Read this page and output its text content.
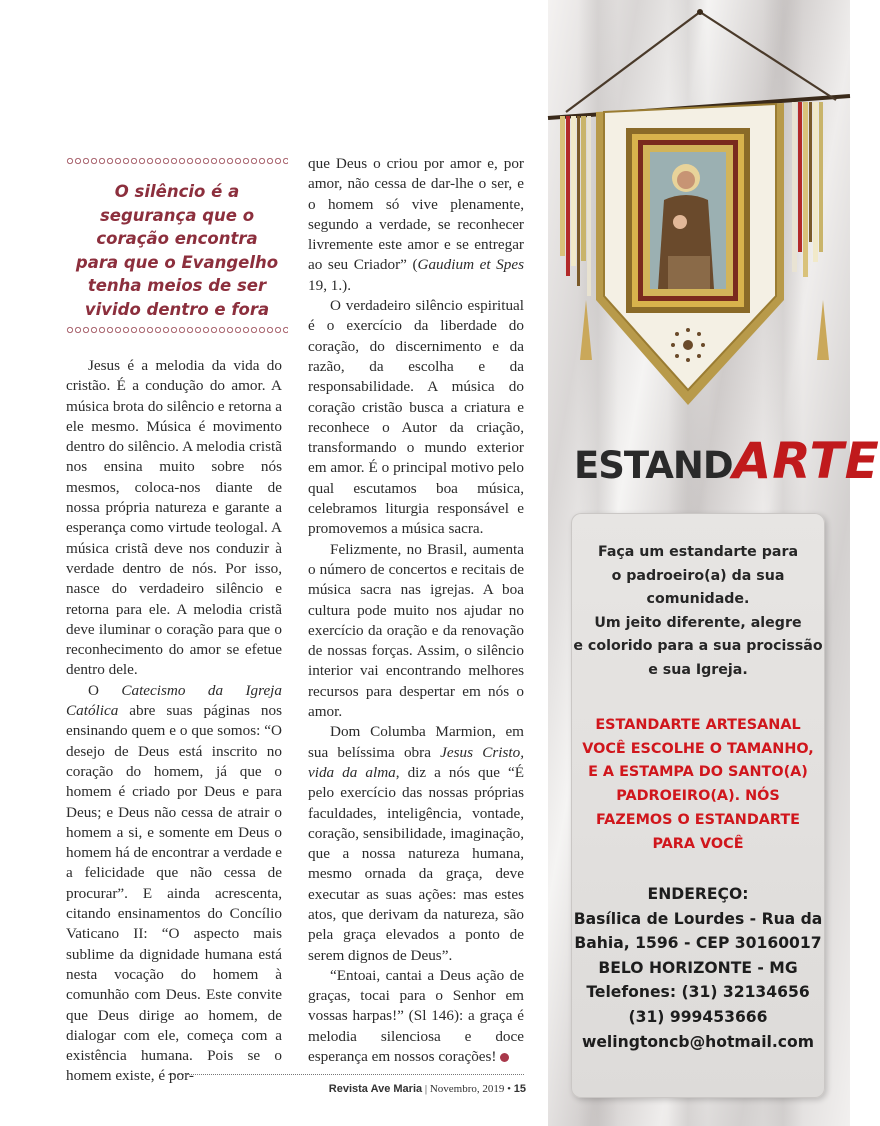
O silêncio é a
segurança que o
coração encontra
para que o Evangelho
tenha meios de ser
vivido dentro e fora

Jesus é a melodia da vida do cristão. É a condução do amor. A música brota do silêncio e retorna a ele mesmo. Música é movimento dentro do silêncio. A melodia cristã nos ensina muito sobre nós mesmos, coloca-nos diante de nossa própria natureza e garante a esperança como virtude teologal. A música cristã deve nos conduzir à verdade dentro de nós. Por isso, nasce do verdadeiro silêncio e retorna para ele. A melodia cristã deve iluminar o coração para que o reconhecimento do amor se efetue dentro dele.

O Catecismo da Igreja Católica abre suas páginas nos ensinando quem e o que somos: “O desejo de Deus está inscrito no coração do homem, já que o homem é criado por Deus e para Deus; e Deus não cessa de atrair o homem a si, e somente em Deus o homem há de encontrar a verdade e a felicidade que não cessa de procurar”. E ainda acrescenta, citando ensinamentos do Concílio Vaticano II: “O aspecto mais sublime da dignidade humana está nesta vocação do homem à comunhão com Deus. Este convite que Deus dirige ao homem, de dialogar com ele, começa com a existência humana. Pois se o homem existe, é por-

que Deus o criou por amor e, por amor, não cessa de dar-lhe o ser, e o homem só vive plenamente, segundo a verdade, se reconhecer livremente este amor e se entregar ao seu Criador” (Gaudium et Spes 19, 1.).

O verdadeiro silêncio espiritual é o exercício da liberdade do coração, do discernimento e da razão, da escolha e da responsabilidade. A música do coração cristão busca a criatura e reconhece o Autor da criação, transformando o mundo exterior em amor. É o principal motivo pelo qual escutamos boa música, celebramos liturgia responsável e promovemos a música sacra.

Felizmente, no Brasil, aumenta o número de concertos e recitais de música sacra nas igrejas. A boa cultura pode muito nos ajudar no exercício da oração e da renovação de nossas forças. Assim, o silêncio interior vai encontrando melhores recursos para despertar em nós o amor.

Dom Columba Marmion, em sua belíssima obra Jesus Cristo, vida da alma, diz a nós que “É pelo exercício das nossas próprias faculdades, inteligência, vontade, coração, sensibilidade, imaginação, que a nossa natureza humana, mesmo ornada da graça, deve executar as suas ações: mas estes atos, que derivam da natureza, são pela graça elevados a ponto de serem dignos de Deus”.

“Entoai, cantai a Deus ação de graças, tocai para o Senhor em vossas harpas!” (Sl 146): a graça é melodia silenciosa e doce esperança em nossos corações!

Revista Ave Maria | Novembro, 2019 • 15
ESTANDARTE
Faça um estandarte para
o padroeiro(a) da sua
comunidade.
Um jeito diferente, alegre
e colorido para a sua procissão
e sua Igreja.
ESTANDARTE ARTESANAL
VOCÊ ESCOLHE O TAMANHO,
E A ESTAMPA DO SANTO(A)
PADROEIRO(A). NÓS
FAZEMOS O ESTANDARTE
PARA VOCÊ
ENDEREÇO:
Basílica de Lourdes - Rua da
Bahia, 1596 - CEP 30160017
BELO HORIZONTE - MG
Telefones: (31) 32134656
(31) 999453666
welingtoncb@hotmail.com
